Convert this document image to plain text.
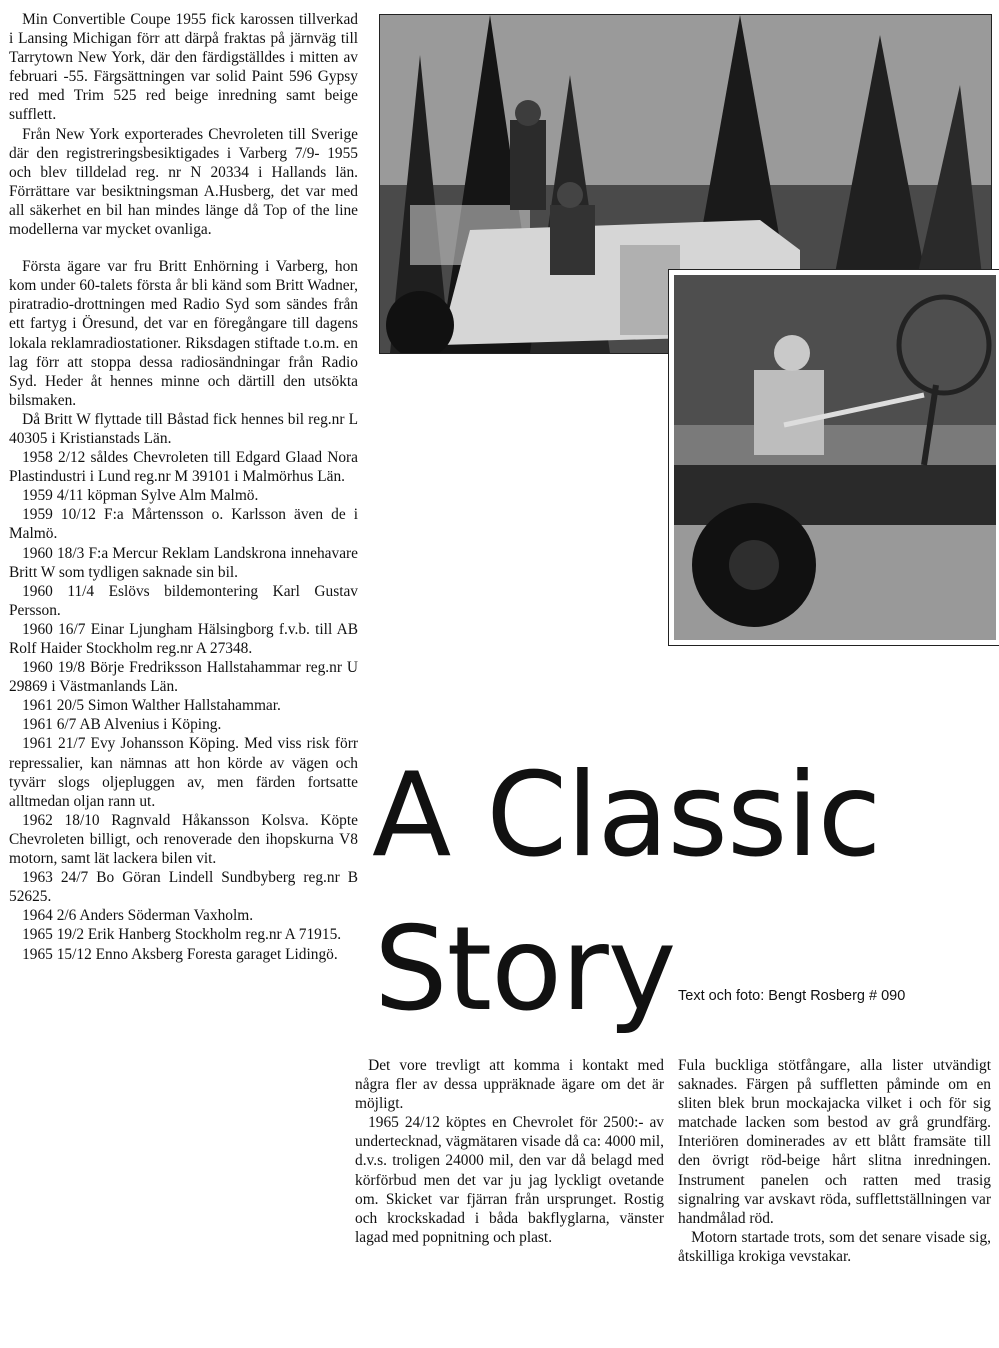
Min Convertible Coupe 1955 fick karossen tillverkad i Lansing Michigan förr att därpå fraktas på järnväg till Tarrytown New York, där den färdigställdes i mitten av februari -55. Färgsättningen var solid Paint 596 Gypsy red med Trim 525 red beige inredning samt beige sufflett.

Från New York exporterades Chevroleten till Sverige där den registreringsbesiktigades i Varberg 7/9- 1955 och blev tilldelad reg. nr N 20334 i Hallands län. Förrättare var besiktningsman A.Husberg, det var med all säkerhet en bil han mindes länge då Top of the line modellerna var mycket ovanliga.

Första ägare var fru Britt Enhörning i Varberg, hon kom under 60-talets första år bli känd som Britt Wadner, piratradio-drottningen med Radio Syd som sändes från ett fartyg i Öresund, det var en föregångare till dagens lokala reklamradiostationer. Riksdagen stiftade t.o.m. en lag förr att stoppa dessa radiosändningar från Radio Syd. Heder åt hennes minne och därtill den utsökta bilsmaken.

Då Britt W flyttade till Båstad fick hennes bil reg.nr L 40305 i Kristianstads Län.

1958 2/12 såldes Chevroleten till Edgard Glaad Nora Plastindustri i Lund reg.nr M 39101 i Malmörhus Län.

1959 4/11 köpman Sylve Alm Malmö.

1959 10/12 F:a Mårtensson o. Karlsson även de i Malmö.

1960 18/3 F:a Mercur Reklam Landskrona innehavare Britt W som tydligen saknade sin bil.

1960 11/4 Eslövs bildemontering Karl Gustav Persson.

1960 16/7 Einar Ljungham Hälsingborg f.v.b. till AB Rolf Haider Stockholm reg.nr A 27348.

1960 19/8 Börje Fredriksson Hallstahammar reg.nr U 29869 i Västmanlands Län.

1961 20/5 Simon Walther Hallstahammar.

1961 6/7 AB Alvenius i Köping.

1961 21/7 Evy Johansson Köping. Med viss risk förr repressalier, kan nämnas att hon körde av vägen och tyvärr slogs oljepluggen av, men färden fortsatte alltmedan oljan rann ut.

1962 18/10 Ragnvald Håkansson Kolsva. Köpte Chevroleten billigt, och renoverade den ihopskurna V8 motorn, samt lät lackera bilen vit.

1963 24/7 Bo Göran Lindell Sundbyberg reg.nr B 52625.

1964 2/6 Anders Söderman Vaxholm.

1965 19/2 Erik Hanberg Stockholm reg.nr A 71915.

1965 15/12 Enno Aksberg Foresta garaget Lidingö.

A Classic
Story Text och foto: Bengt Rosberg # 090

Det vore trevligt att komma i kontakt med några fler av dessa uppräknade ägare om det är möjligt.

1965 24/12 köptes en Chevrolet för 2500:- av undertecknad, vägmätaren visade då ca: 4000 mil, d.v.s. troligen 24000 mil, den var då belagd med körförbud men det var ju jag lyckligt ovetande om. Skicket var fjärran från ursprunget. Rostig och krockskadad i båda bakflyglarna, vänster lagad med popnitning och plast.

Fula buckliga stötfångare, alla lister utvändigt saknades. Färgen på suffletten påminde om en sliten blek brun mockajacka vilket i och för sig matchade lacken som bestod av grå grundfärg. Interiören dominerades av ett blått framsäte till den övrigt röd-beige hårt slitna inredningen. Instrument panelen och ratten med trasig signalring var avskavt röda, sufflettställningen var handmålad röd.

Motorn startade trots, som det senare visade sig, åtskilliga krokiga vevstakar.
